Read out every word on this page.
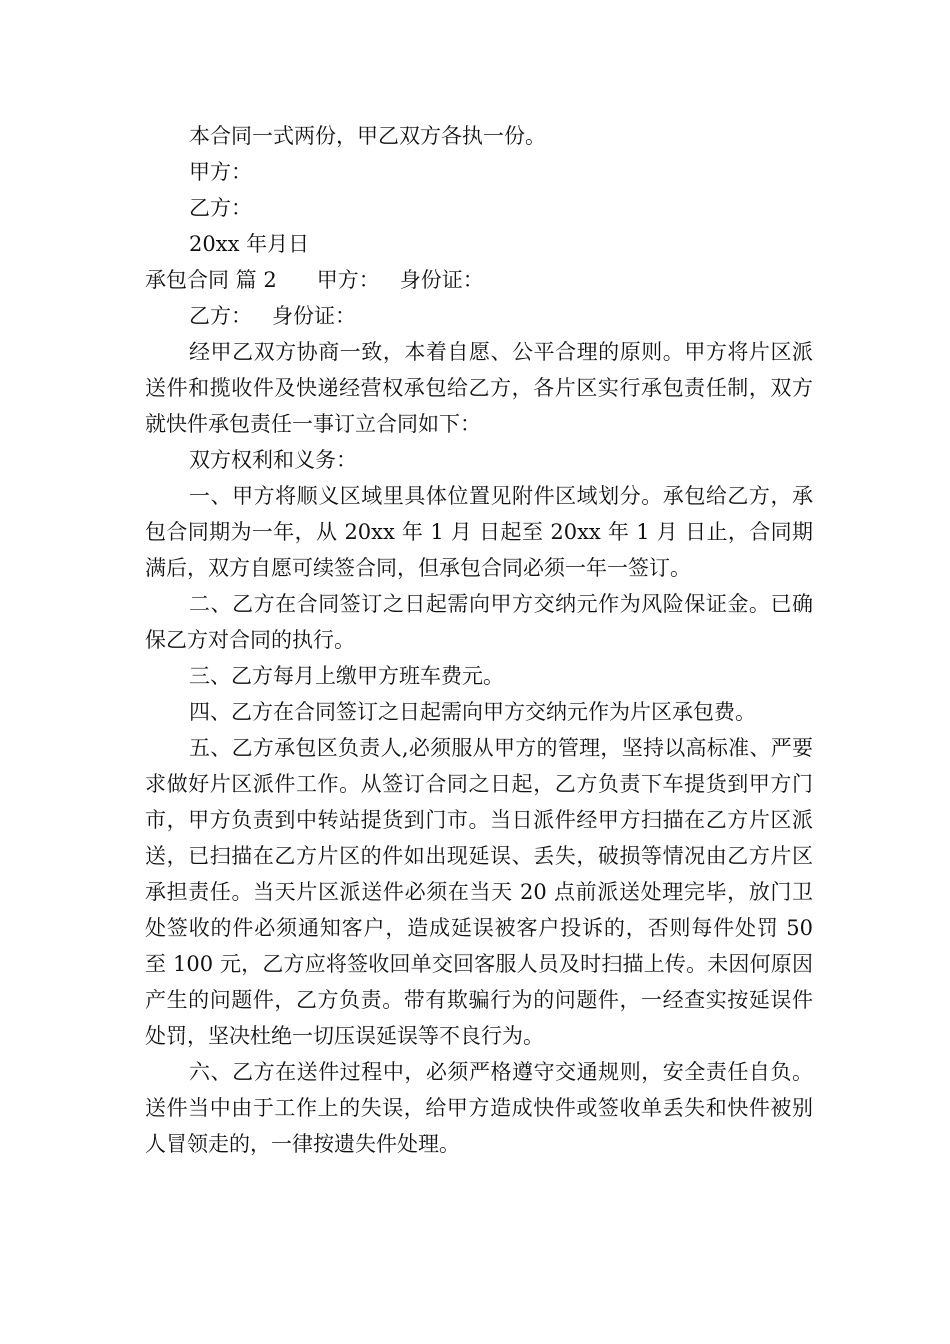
本合同一式两份，甲乙双方各执一份。

甲方：

乙方：

20xx 年月日

承包合同 篇 2 甲方： 身份证：
乙方： 身份证：

经甲乙双方协商一致，本着自愿、公平合理的原则。甲方将片区派送件和揽收件及快递经营权承包给乙方，各片区实行承包责任制，双方就快件承包责任一事订立合同如下：

双方权利和义务：

一、甲方将顺义区域里具体位置见附件区域划分。承包给乙方，承包合同期为一年，从 20xx 年 1 月 日起至 20xx 年 1 月 日止，合同期满后，双方自愿可续签合同，但承包合同必须一年一签订。

二、乙方在合同签订之日起需向甲方交纳元作为风险保证金。已确保乙方对合同的执行。

三、乙方每月上缴甲方班车费元。

四、乙方在合同签订之日起需向甲方交纳元作为片区承包费。

五、乙方承包区负责人,必须服从甲方的管理，坚持以高标准、严要求做好片区派件工作。从签订合同之日起，乙方负责下车提货到甲方门市，甲方负责到中转站提货到门市。当日派件经甲方扫描在乙方片区派送，已扫描在乙方片区的件如出现延误、丢失，破损等情况由乙方片区承担责任。当天片区派送件必须在当天 20 点前派送处理完毕，放门卫处签收的件必须通知客户，造成延误被客户投诉的，否则每件处罚 50 至 100 元，乙方应将签收回单交回客服人员及时扫描上传。未因何原因产生的问题件，乙方负责。带有欺骗行为的问题件，一经查实按延误件处罚，坚决杜绝一切压误延误等不良行为。

六、乙方在送件过程中，必须严格遵守交通规则，安全责任自负。送件当中由于工作上的失误，给甲方造成快件或签收单丢失和快件被别人冒领走的，一律按遗失件处理。
